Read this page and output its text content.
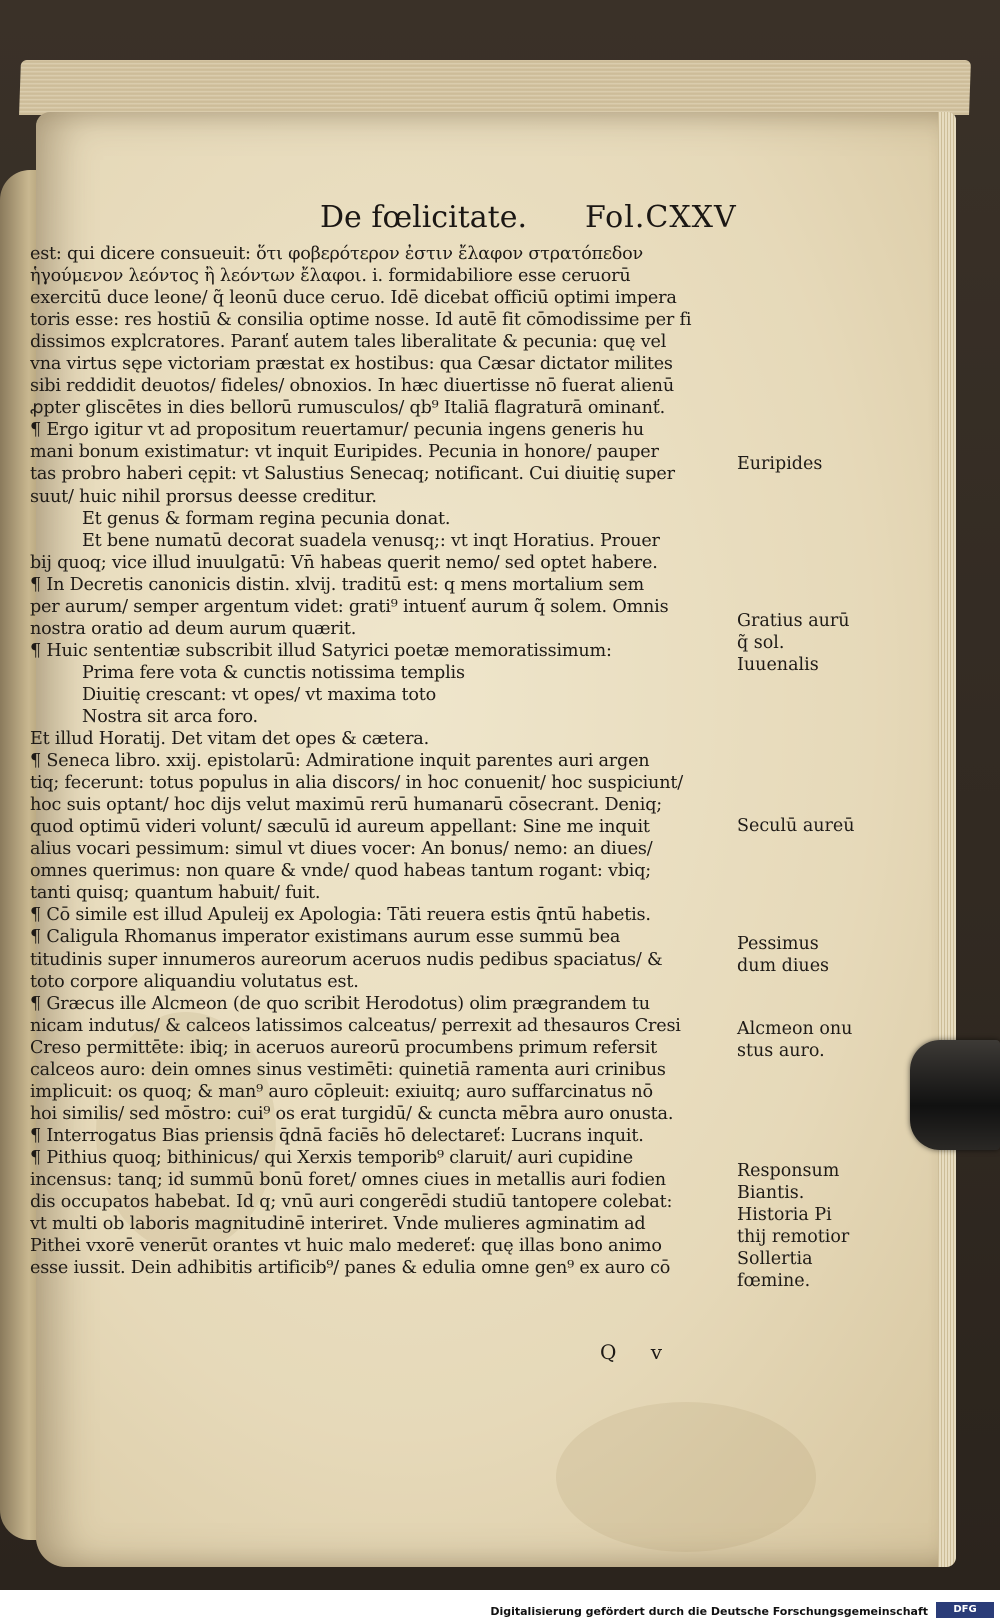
De fœlicitate. Fol.CXXV
est: qui dicere consueuit: ὅτι φοβερότερον ἐστιν ἔλαφον στρατόπεδον
ἡγούμενον λεόντος ἢ λεόντων ἔλαφοι. i. formidabiliore esse ceruorū
exercitū duce leone/ q̃ leonū duce ceruo. Idē dicebat officiū optimi impera
toris esse: res hostiū & consilia optime nosse. Id autē fit cōmodissime per fi
dissimos explcratores. Paranť autem tales liberalitate & pecunia: quę vel
vna virtus sępe victoriam præstat ex hostibus: qua Cæsar dictator milites
sibi reddidit deuotos/ fideles/ obnoxios. In hæc diuertisse nō fuerat alienū
ꝓpter gliscētes in dies bellorū rumusculos/ qb⁹ Italiā flagraturā ominanť.
¶ Ergo igitur vt ad propositum reuertamur/ pecunia ingens generis hu
mani bonum existimatur: vt inquit Euripides. Pecunia in honore/ pauper
tas probro haberi cępit: vt Salustius Senecaq; notificant. Cui diuitię super
suut/ huic nihil prorsus deesse creditur.
Et genus & formam regina pecunia donat.
Et bene numatū decorat suadela venusq;: vt inqt Horatius. Prouer
bij quoq; vice illud inuulgatū: Vn̄ habeas querit nemo/ sed optet habere.
¶ In Decretis canonicis distin. xlvij. traditū est: q mens mortalium sem
per aurum/ semper argentum videt: grati⁹ intuenť aurum q̃ solem. Omnis
nostra oratio ad deum aurum quærit.
¶ Huic sententiæ subscribit illud Satyrici poetæ memoratissimum:
Prima fere vota & cunctis notissima templis
Diuitię crescant: vt opes/ vt maxima toto
Nostra sit arca foro.
Et illud Horatij. Det vitam det opes & cætera.
¶ Seneca libro. xxij. epistolarū: Admiratione inquit parentes auri argen
tiq; fecerunt: totus populus in alia discors/ in hoc conuenit/ hoc suspiciunt/
hoc suis optant/ hoc dijs velut maximū rerū humanarū cōsecrant. Deniq;
quod optimū videri volunt/ sæculū id aureum appellant: Sine me inquit
alius vocari pessimum: simul vt diues vocer: An bonus/ nemo: an diues/
omnes querimus: non quare & vnde/ quod habeas tantum rogant: vbiq;
tanti quisq; quantum habuit/ fuit.
¶ Cō simile est illud Apuleij ex Apologia: Tāti reuera estis q̄ntū habetis.
¶ Caligula Rhomanus imperator existimans aurum esse summū bea
titudinis super innumeros aureorum aceruos nudis pedibus spaciatus/ &
toto corpore aliquandiu volutatus est.
¶ Græcus ille Alcmeon (de quo scribit Herodotus) olim prægrandem tu
nicam indutus/ & calceos latissimos calceatus/ perrexit ad thesauros Cresi
Creso permittēte: ibiq; in aceruos aureorū procumbens primum refersit
calceos auro: dein omnes sinus vestimēti: quinetiā ramenta auri crinibus
implicuit: os quoq; & man⁹ auro cōpleuit: exiuitq; auro suffarcinatus nō
hoi similis/ sed mōstro: cui⁹ os erat turgidū/ & cuncta mēbra auro onusta.
¶ Interrogatus Bias priensis q̄dnā faciēs hō delectareť: Lucrans inquit.
¶ Pithius quoq; bithinicus/ qui Xerxis temporib⁹ claruit/ auri cupidine
incensus: tanq; id summū bonū foret/ omnes ciues in metallis auri fodien
dis occupatos habebat. Id q; vnū auri congerēdi studiū tantopere colebat:
vt multi ob laboris magnitudinē interiret. Vnde mulieres agminatim ad
Pithei vxorē venerūt orantes vt huic malo medereť: quę illas bono animo
esse iussit. Dein adhibitis artificib⁹/ panes & edulia omne gen⁹ ex auro cō
Euripides
Gratius aurū
q̃ sol.
Iuuenalis
Seculū aureū
Pessimus
dum diues
Alcmeon onu
stus auro.
Responsum
Biantis.
Historia Pi
thij remotior
Sollertia
fœmine.
Q v
Digitalisierung gefördert durch die Deutsche Forschungsgemeinschaft	DFG
